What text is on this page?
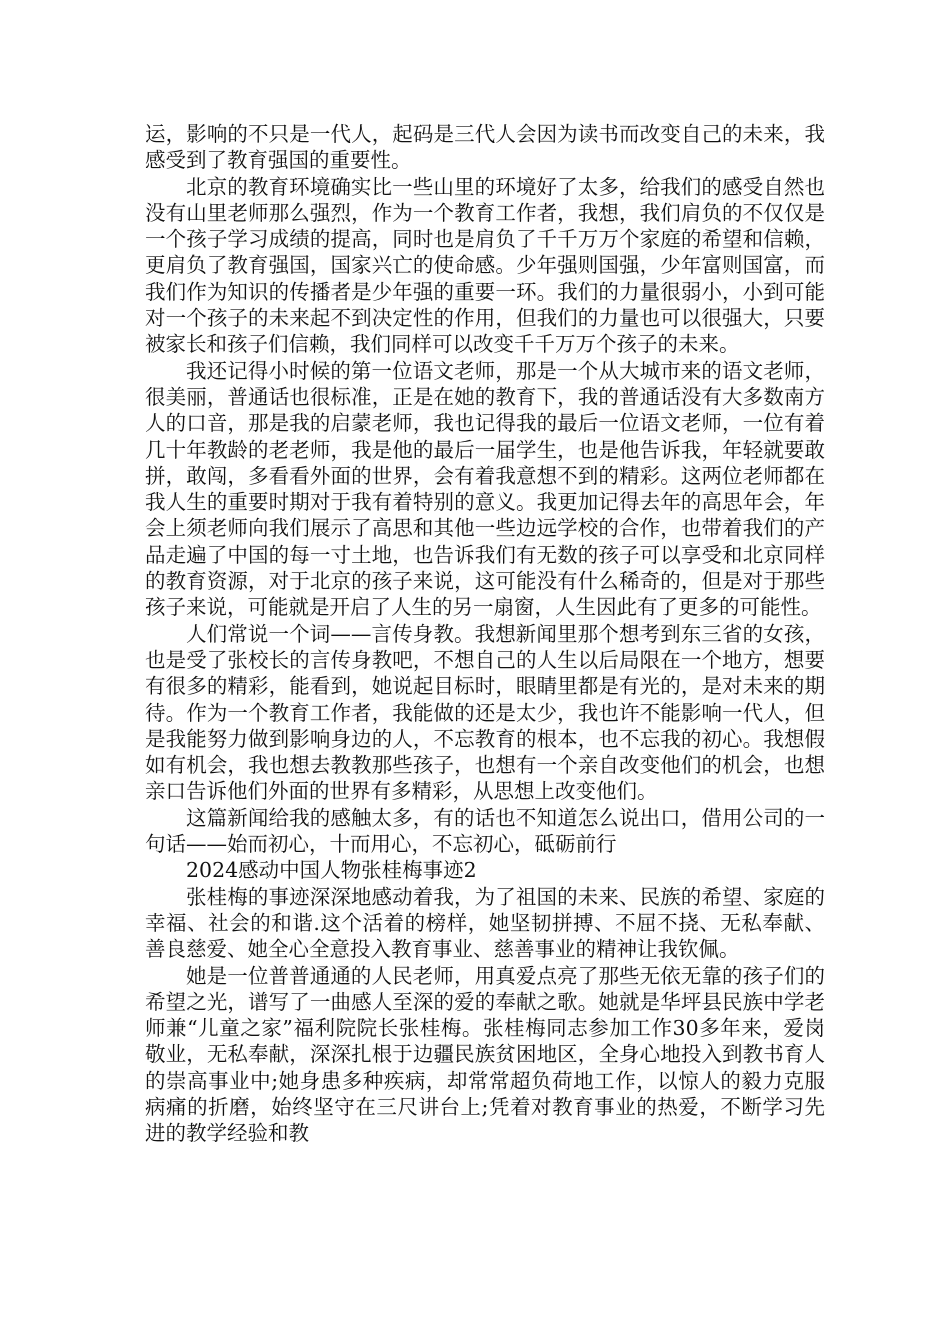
运，影响的不只是一代人，起码是三代人会因为读书而改变自己的未来，我感受到了教育强国的重要性。

北京的教育环境确实比一些山里的环境好了太多，给我们的感受自然也没有山里老师那么强烈，作为一个教育工作者，我想，我们肩负的不仅仅是一个孩子学习成绩的提高，同时也是肩负了千千万万个家庭的希望和信赖，更肩负了教育强国，国家兴亡的使命感。少年强则国强，少年富则国富，而我们作为知识的传播者是少年强的重要一环。我们的力量很弱小，小到可能对一个孩子的未来起不到决定性的作用，但我们的力量也可以很强大，只要被家长和孩子们信赖，我们同样可以改变千千万万个孩子的未来。

我还记得小时候的第一位语文老师，那是一个从大城市来的语文老师，很美丽，普通话也很标准，正是在她的教育下，我的普通话没有大多数南方人的口音，那是我的启蒙老师，我也记得我的最后一位语文老师，一位有着几十年教龄的老老师，我是他的最后一届学生，也是他告诉我，年轻就要敢拼，敢闯，多看看外面的世界，会有着我意想不到的精彩。这两位老师都在我人生的重要时期对于我有着特别的意义。我更加记得去年的高思年会，年会上须老师向我们展示了高思和其他一些边远学校的合作，也带着我们的产品走遍了中国的每一寸土地，也告诉我们有无数的孩子可以享受和北京同样的教育资源，对于北京的孩子来说，这可能没有什么稀奇的，但是对于那些孩子来说，可能就是开启了人生的另一扇窗，人生因此有了更多的可能性。

人们常说一个词——言传身教。我想新闻里那个想考到东三省的女孩，也是受了张校长的言传身教吧，不想自己的人生以后局限在一个地方，想要有很多的精彩，能看到，她说起目标时，眼睛里都是有光的，是对未来的期待。作为一个教育工作者，我能做的还是太少，我也许不能影响一代人，但是我能努力做到影响身边的人，不忘教育的根本，也不忘我的初心。我想假如有机会，我也想去教教那些孩子，也想有一个亲自改变他们的机会，也想亲口告诉他们外面的世界有多精彩，从思想上改变他们。

这篇新闻给我的感触太多，有的话也不知道怎么说出口，借用公司的一句话——始而初心，十而用心，不忘初心，砥砺前行

2024感动中国人物张桂梅事迹2

张桂梅的事迹深深地感动着我，为了祖国的未来、民族的希望、家庭的幸福、社会的和谐.这个活着的榜样，她坚韧拼搏、不屈不挠、无私奉献、善良慈爱、她全心全意投入教育事业、慈善事业的精神让我钦佩。

她是一位普普通通的人民老师，用真爱点亮了那些无依无靠的孩子们的希望之光，谱写了一曲感人至深的爱的奉献之歌。她就是华坪县民族中学老师兼“儿童之家”福利院院长张桂梅。张桂梅同志参加工作30多年来，爱岗敬业，无私奉献，深深扎根于边疆民族贫困地区，全身心地投入到教书育人的崇高事业中;她身患多种疾病，却常常超负荷地工作，以惊人的毅力克服病痛的折磨，始终坚守在三尺讲台上;凭着对教育事业的热爱，不断学习先进的教学经验和教
